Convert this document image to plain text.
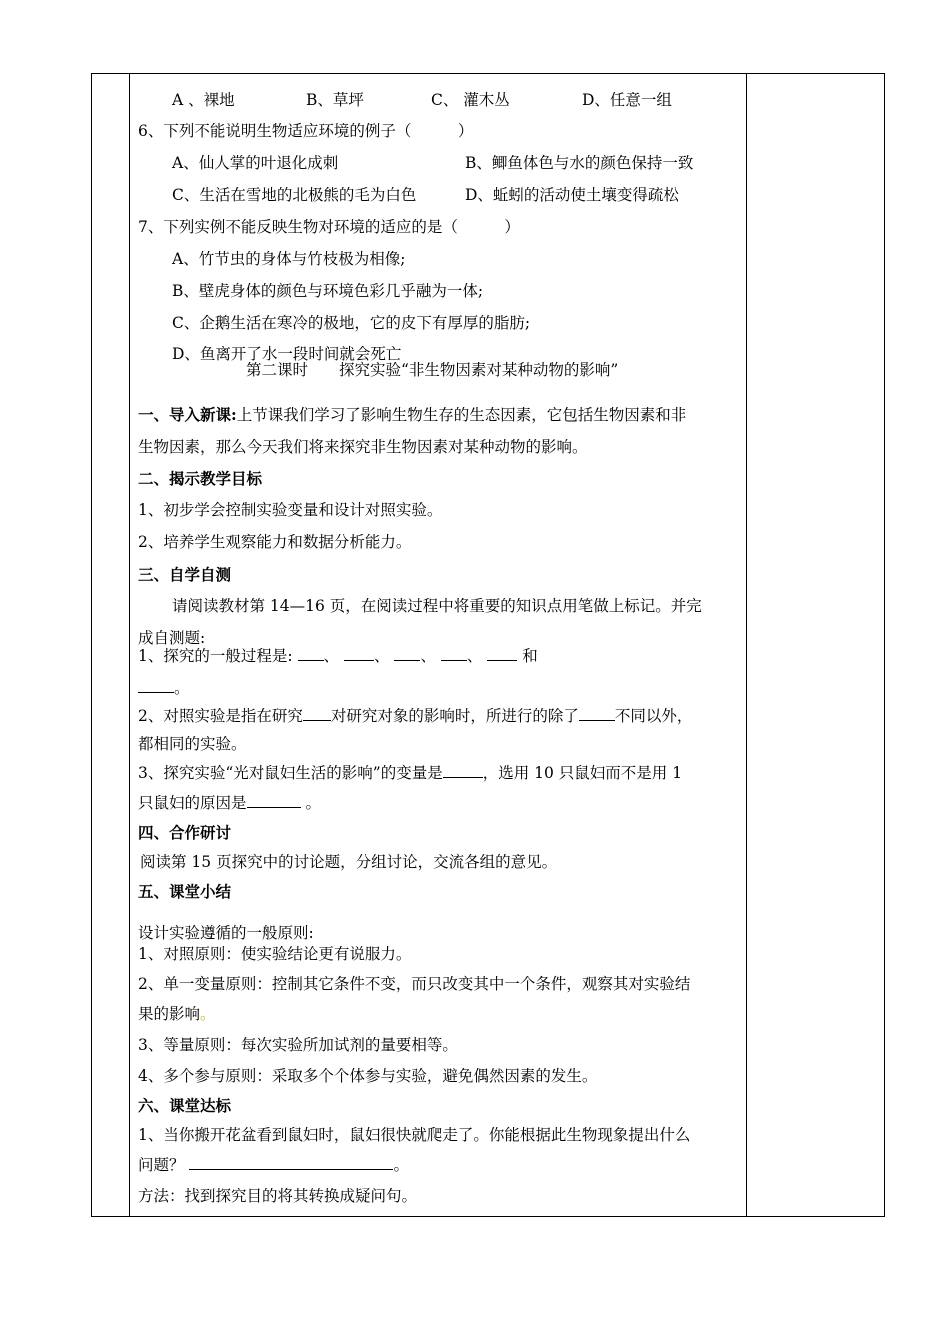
A 、裸地	B、草坪	C、 灌木丛	D、任意一组
6、下列不能说明生物适应环境的例子（　　　）
A、仙人掌的叶退化成刺	B、鲫鱼体色与水的颜色保持一致
C、生活在雪地的北极熊的毛为白色	D、蚯蚓的活动使土壤变得疏松
7、下列实例不能反映生物对环境的适应的是（　　　）
A、竹节虫的身体与竹枝极为相像;
B、壁虎身体的颜色与环境色彩几乎融为一体;
C、企鹅生活在寒冷的极地，它的皮下有厚厚的脂肪;
D、鱼离开了水一段时间就会死亡
第二课时　　探究实验“非生物因素对某种动物的影响”
一、导入新课:上节课我们学习了影响生物生存的生态因素，它包括生物因素和非
生物因素，那么今天我们将来探究非生物因素对某种动物的影响。
二、揭示教学目标
1、初步学会控制实验变量和设计对照实验。
2、培养学生观察能力和数据分析能力。
三、自学自测
请阅读教材第 14—16 页，在阅读过程中将重要的知识点用笔做上标记。并完
成自测题:
1、探究的一般过程是: 、 、 、 、  和
。
2、对照实验是指在研究 对研究对象的影响时，所进行的除了 不同以外，
都相同的实验。
3、探究实验“光对鼠妇生活的影响”的变量是	，选用 10 只鼠妇而不是用 1
只鼠妇的原因是	。
四、合作研讨
阅读第 15 页探究中的讨论题，分组讨论，交流各组的意见。
五、课堂小结
设计实验遵循的一般原则:
1、对照原则：使实验结论更有说服力。
2、单一变量原则：控制其它条件不变，而只改变其中一个条件，观察其对实验结
果的影响。
3、等量原则：每次实验所加试剂的量要相等。
4、多个参与原则：采取多个个体参与实验，避免偶然因素的发生。
六、课堂达标
1、当你搬开花盆看到鼠妇时，鼠妇很快就爬走了。你能根据此生物现象提出什么
问题？	。
方法：找到探究目的将其转换成疑问句。
